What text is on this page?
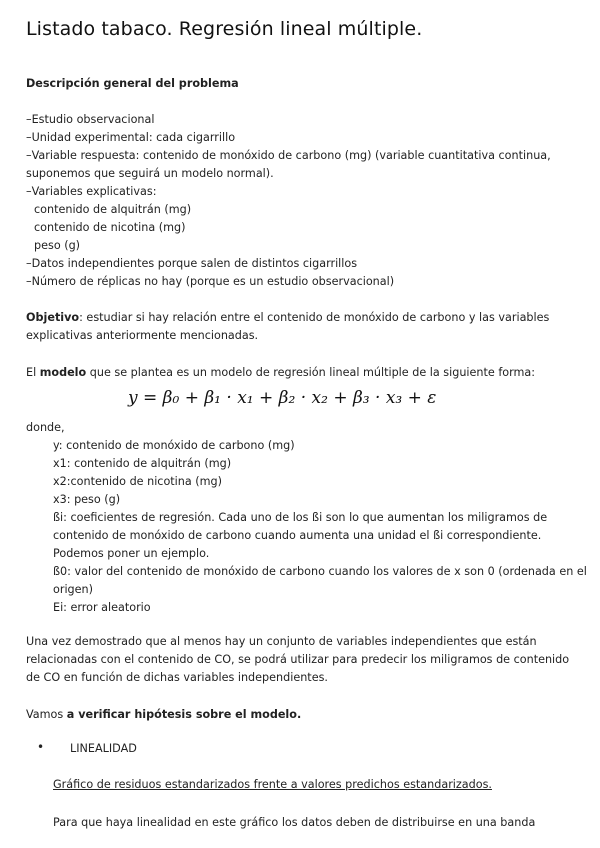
Listado tabaco. Regresión lineal múltiple.
Descripción general del problema
–Estudio observacional
–Unidad experimental: cada cigarrillo
–Variable respuesta: contenido de monóxido de carbono (mg) (variable cuantitativa continua,
suponemos que seguirá un modelo normal).
–Variables explicativas:
contenido de alquitrán (mg)
contenido de nicotina (mg)
peso (g)
–Datos independientes porque salen de distintos cigarrillos
–Número de réplicas no hay (porque es un estudio observacional)
Objetivo: estudiar si hay relación entre el contenido de monóxido de carbono y las variables
explicativas anteriormente mencionadas.
El modelo que se plantea es un modelo de regresión lineal múltiple de la siguiente forma:
y = β₀ + β₁ · x₁ + β₂ · x₂ + β₃ · x₃ + ε
donde,
y: contenido de monóxido de carbono (mg)
x1: contenido de alquitrán (mg)
x2:contenido de nicotina (mg)
x3: peso (g)
ßi: coeficientes de regresión. Cada uno de los ßi son lo que aumentan los miligramos de
contenido de monóxido de carbono cuando aumenta una unidad el ßi correspondiente.
Podemos poner un ejemplo.
ß0: valor del contenido de monóxido de carbono cuando los valores de x son 0 (ordenada en el
origen)
Ei: error aleatorio
Una vez demostrado que al menos hay un conjunto de variables independientes que están
relacionadas con el contenido de CO, se podrá utilizar para predecir los miligramos de contenido
de CO en función de dichas variables independientes.
Vamos a verificar hipótesis sobre el modelo.
• LINEALIDAD
Gráfico de residuos estandarizados frente a valores predichos estandarizados.
Para que haya linealidad en este gráfico los datos deben de distribuirse en una banda
